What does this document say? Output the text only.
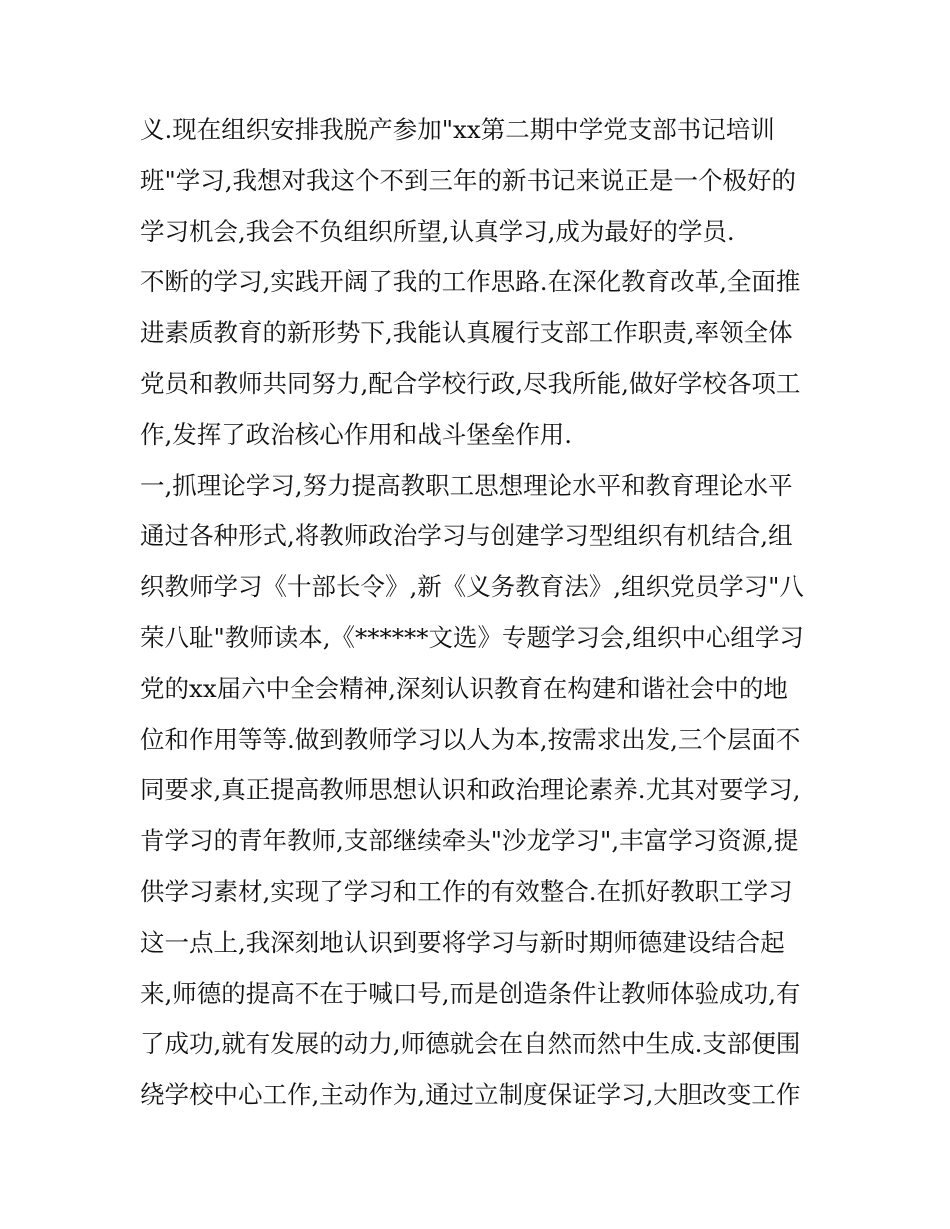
义.现在组织安排我脱产参加"xx第二期中学党支部书记培训
班"学习,我想对我这个不到三年的新书记来说正是一个极好的
学习机会,我会不负组织所望,认真学习,成为最好的学员.
不断的学习,实践开阔了我的工作思路.在深化教育改革,全面推
进素质教育的新形势下,我能认真履行支部工作职责,率领全体
党员和教师共同努力,配合学校行政,尽我所能,做好学校各项工
作,发挥了政治核心作用和战斗堡垒作用.
一,抓理论学习,努力提高教职工思想理论水平和教育理论水平
通过各种形式,将教师政治学习与创建学习型组织有机结合,组
织教师学习《十部长令》,新《义务教育法》,组织党员学习"八
荣八耻"教师读本,《******文选》专题学习会,组织中心组学习
党的xx届六中全会精神,深刻认识教育在构建和谐社会中的地
位和作用等等.做到教师学习以人为本,按需求出发,三个层面不
同要求,真正提高教师思想认识和政治理论素养.尤其对要学习,
肯学习的青年教师,支部继续牵头"沙龙学习",丰富学习资源,提
供学习素材,实现了学习和工作的有效整合.在抓好教职工学习
这一点上,我深刻地认识到要将学习与新时期师德建设结合起
来,师德的提高不在于喊口号,而是创造条件让教师体验成功,有
了成功,就有发展的动力,师德就会在自然而然中生成.支部便围
绕学校中心工作,主动作为,通过立制度保证学习,大胆改变工作
